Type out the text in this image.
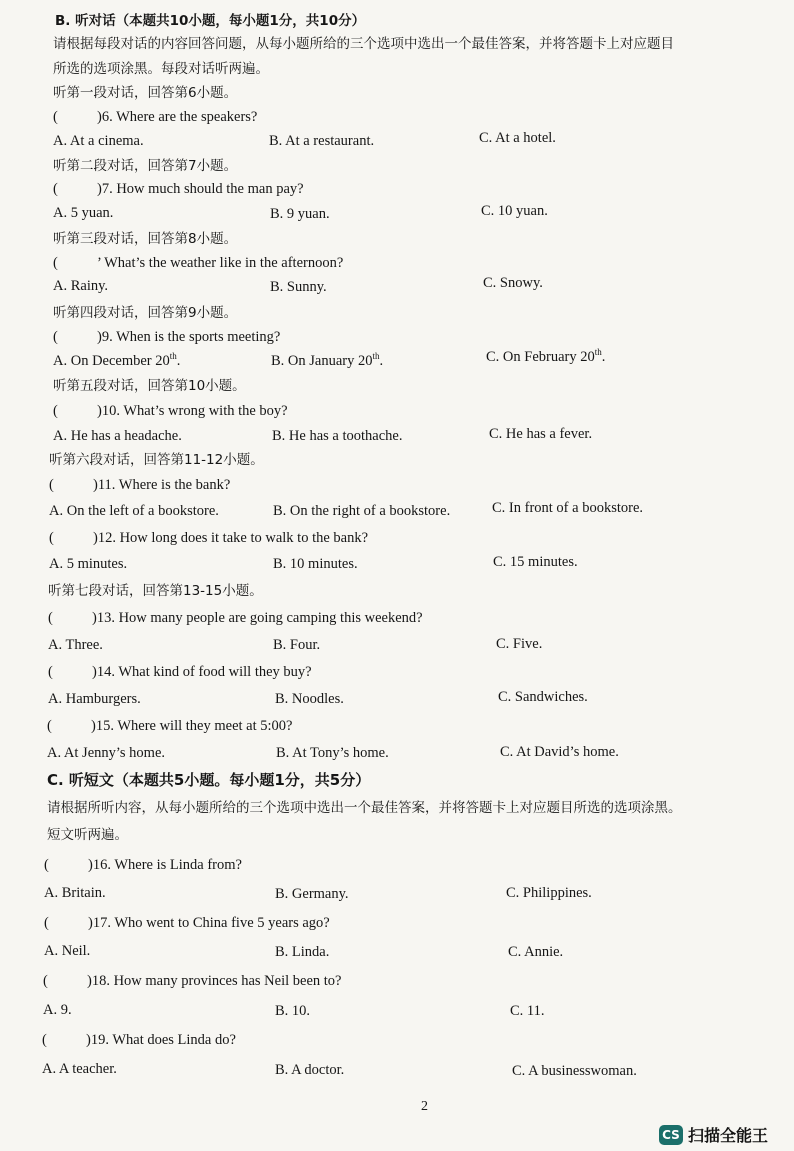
B. 听对话（本题共10小题，每小题1分，共10分）
请根据每段对话的内容回答问题，从每小题所给的三个选项中选出一个最佳答案，并将答题卡上对应题目
所选的选项涂黑。每段对话听两遍。
听第一段对话，回答第6小题。
(	)6. Where are the speakers?
A. At a cinema.	B. At a restaurant.	C. At a hotel.
听第二段对话，回答第7小题。
(	)7. How much should the man pay?
A. 5 yuan.	B. 9 yuan.	C. 10 yuan.
听第三段对话，回答第8小题。
(	’ What’s the weather like in the afternoon?
A. Rainy.	B. Sunny.	C. Snowy.
听第四段对话，回答第9小题。
(	)9. When is the sports meeting?
A. On December 20th.	B. On January 20th.	C. On February 20th.
听第五段对话，回答第10小题。
(	)10. What’s wrong with the boy?
A. He has a headache.	B. He has a toothache.	C. He has a fever.
听第六段对话，回答第11-12小题。
(	)11. Where is the bank?
A. On the left of a bookstore.	B. On the right of a bookstore.	C. In front of a bookstore.
(	)12. How long does it take to walk to the bank?
A. 5 minutes.	B. 10 minutes.	C. 15 minutes.
听第七段对话，回答第13-15小题。
(	)13. How many people are going camping this weekend?
A. Three.	B. Four.	C. Five.
(	)14. What kind of food will they buy?
A. Hamburgers.	B. Noodles.	C. Sandwiches.
(	)15. Where will they meet at 5:00?
A. At Jenny’s home.	B. At Tony’s home.	C. At David’s home.
C. 听短文（本题共5小题。每小题1分，共5分）
请根据所听内容，从每小题所给的三个选项中选出一个最佳答案，并将答题卡上对应题目所选的选项涂黑。
短文听两遍。
(	)16. Where is Linda from?
A. Britain.	B. Germany.	C. Philippines.
(	)17. Who went to China five 5 years ago?
A. Neil.	B. Linda.	C. Annie.
(	)18. How many provinces has Neil been to?
A. 9.	B. 10.	C. 11.
(	)19. What does Linda do?
A. A teacher.	B. A doctor.	C. A businesswoman.
2
CS 扫描全能王
